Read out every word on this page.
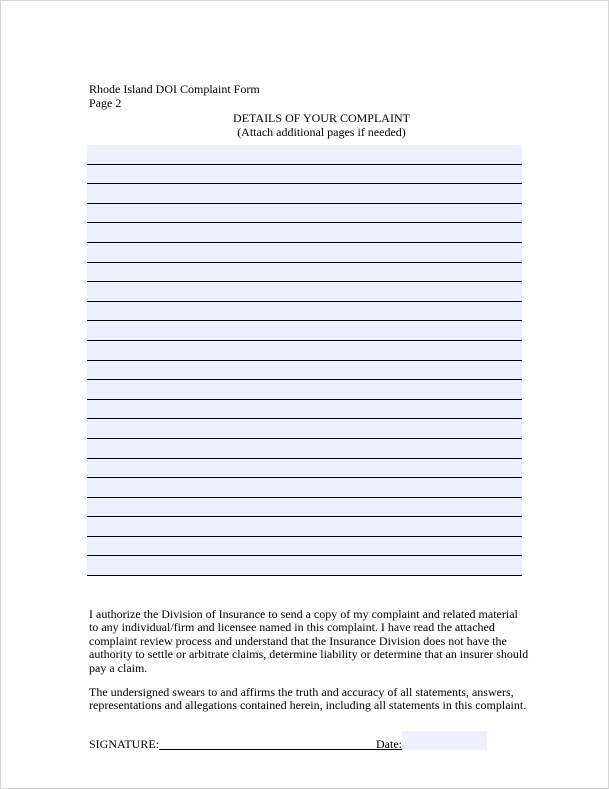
Rhode Island DOI Complaint Form
Page 2
DETAILS OF YOUR COMPLAINT
(Attach additional pages if needed)
I authorize the Division of Insurance to send a copy of my complaint and related material to any individual/firm and licensee named in this complaint. I have read the attached complaint review process and understand that the Insurance Division does not have the authority to settle or arbitrate claims, determine liability or determine that an insurer should pay a claim.
The undersigned swears to and affirms the truth and accuracy of all statements, answers, representations and allegations contained herein, including all statements in this complaint.
SIGNATURE:	Date:
